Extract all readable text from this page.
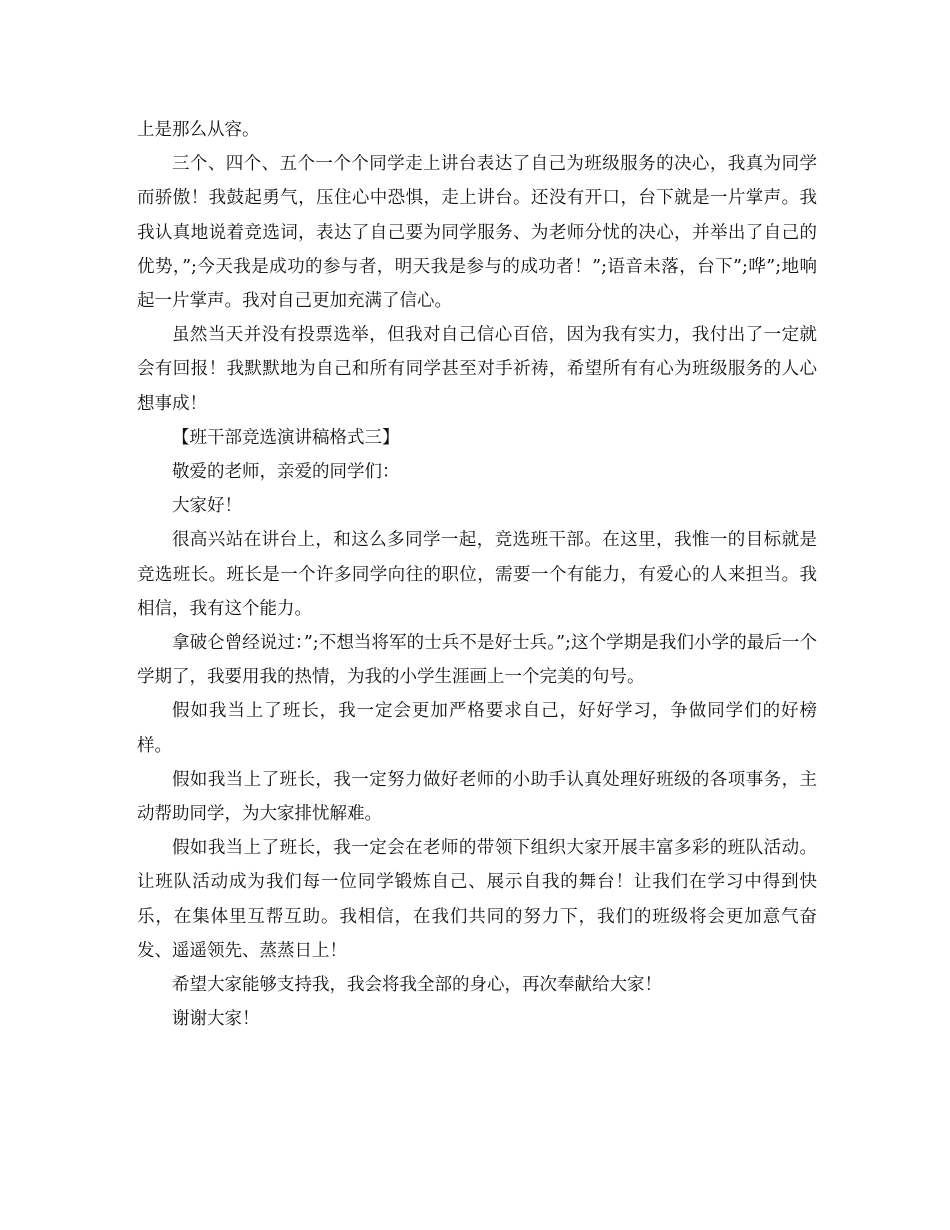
上是那么从容。

三个、四个、五个一个个同学走上讲台表达了自己为班级服务的决心，我真为同学而骄傲！我鼓起勇气，压住心中恐惧，走上讲台。还没有开口，台下就是一片掌声。我我认真地说着竞选词，表达了自己要为同学服务、为老师分忧的决心，并举出了自己的优势，”;今天我是成功的参与者，明天我是参与的成功者！”;语音未落，台下”;哗”;地响起一片掌声。我对自己更加充满了信心。

虽然当天并没有投票选举，但我对自己信心百倍，因为我有实力，我付出了一定就会有回报！我默默地为自己和所有同学甚至对手祈祷，希望所有有心为班级服务的人心想事成！

【班干部竞选演讲稿格式三】

敬爱的老师，亲爱的同学们：

大家好！

很高兴站在讲台上，和这么多同学一起，竞选班干部。在这里，我惟一的目标就是竞选班长。班长是一个许多同学向往的职位，需要一个有能力，有爱心的人来担当。我相信，我有这个能力。

拿破仑曾经说过：”;不想当将军的士兵不是好士兵。”;这个学期是我们小学的最后一个学期了，我要用我的热情，为我的小学生涯画上一个完美的句号。

假如我当上了班长，我一定会更加严格要求自己，好好学习，争做同学们的好榜样。

假如我当上了班长，我一定努力做好老师的小助手认真处理好班级的各项事务，主动帮助同学，为大家排忧解难。

假如我当上了班长，我一定会在老师的带领下组织大家开展丰富多彩的班队活动。让班队活动成为我们每一位同学锻炼自己、展示自我的舞台！让我们在学习中得到快乐，在集体里互帮互助。我相信，在我们共同的努力下，我们的班级将会更加意气奋发、遥遥领先、蒸蒸日上！

希望大家能够支持我，我会将我全部的身心，再次奉献给大家！

谢谢大家！
